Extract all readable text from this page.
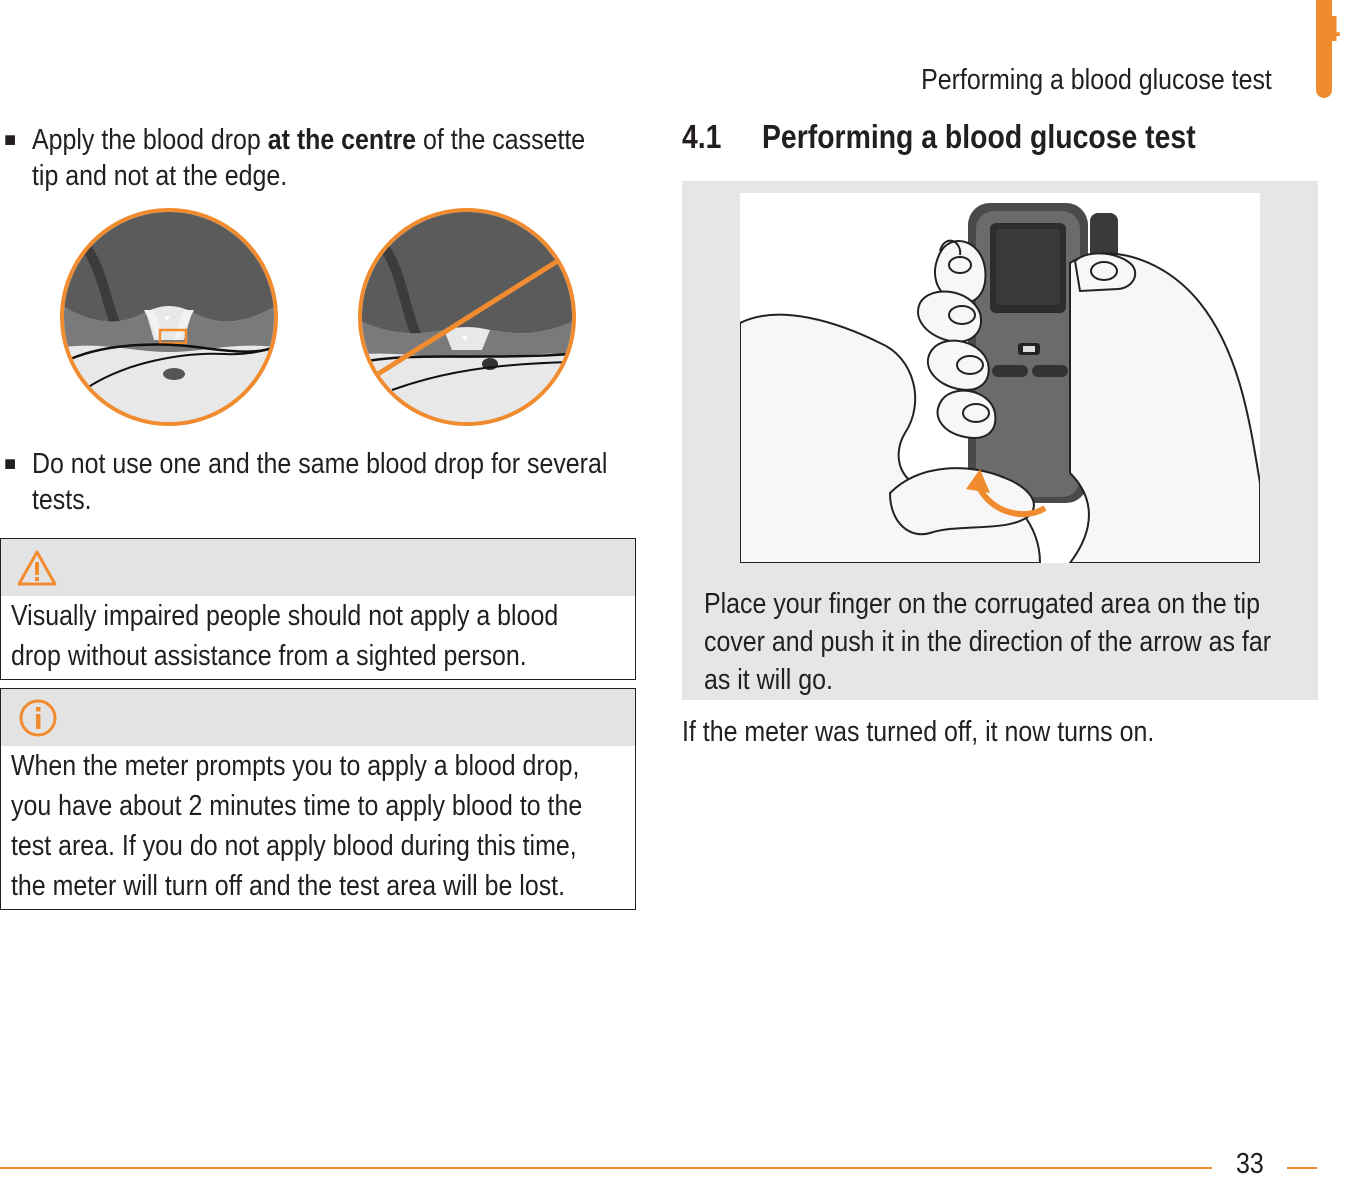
4
Performing a blood glucose test
■ Apply the blood drop at the centre of the cassette
tip and not at the edge.
■ Do not use one and the same blood drop for several
tests.
Visually impaired people should not apply a blood
drop without assistance from a sighted person.
When the meter prompts you to apply a blood drop,
you have about 2 minutes time to apply blood to the
test area. If you do not apply blood during this time,
the meter will turn off and the test area will be lost.
4.1 Performing a blood glucose test
Place your finger on the corrugated area on the tip
cover and push it in the direction of the arrow as far
as it will go.
If the meter was turned off, it now turns on.
33
